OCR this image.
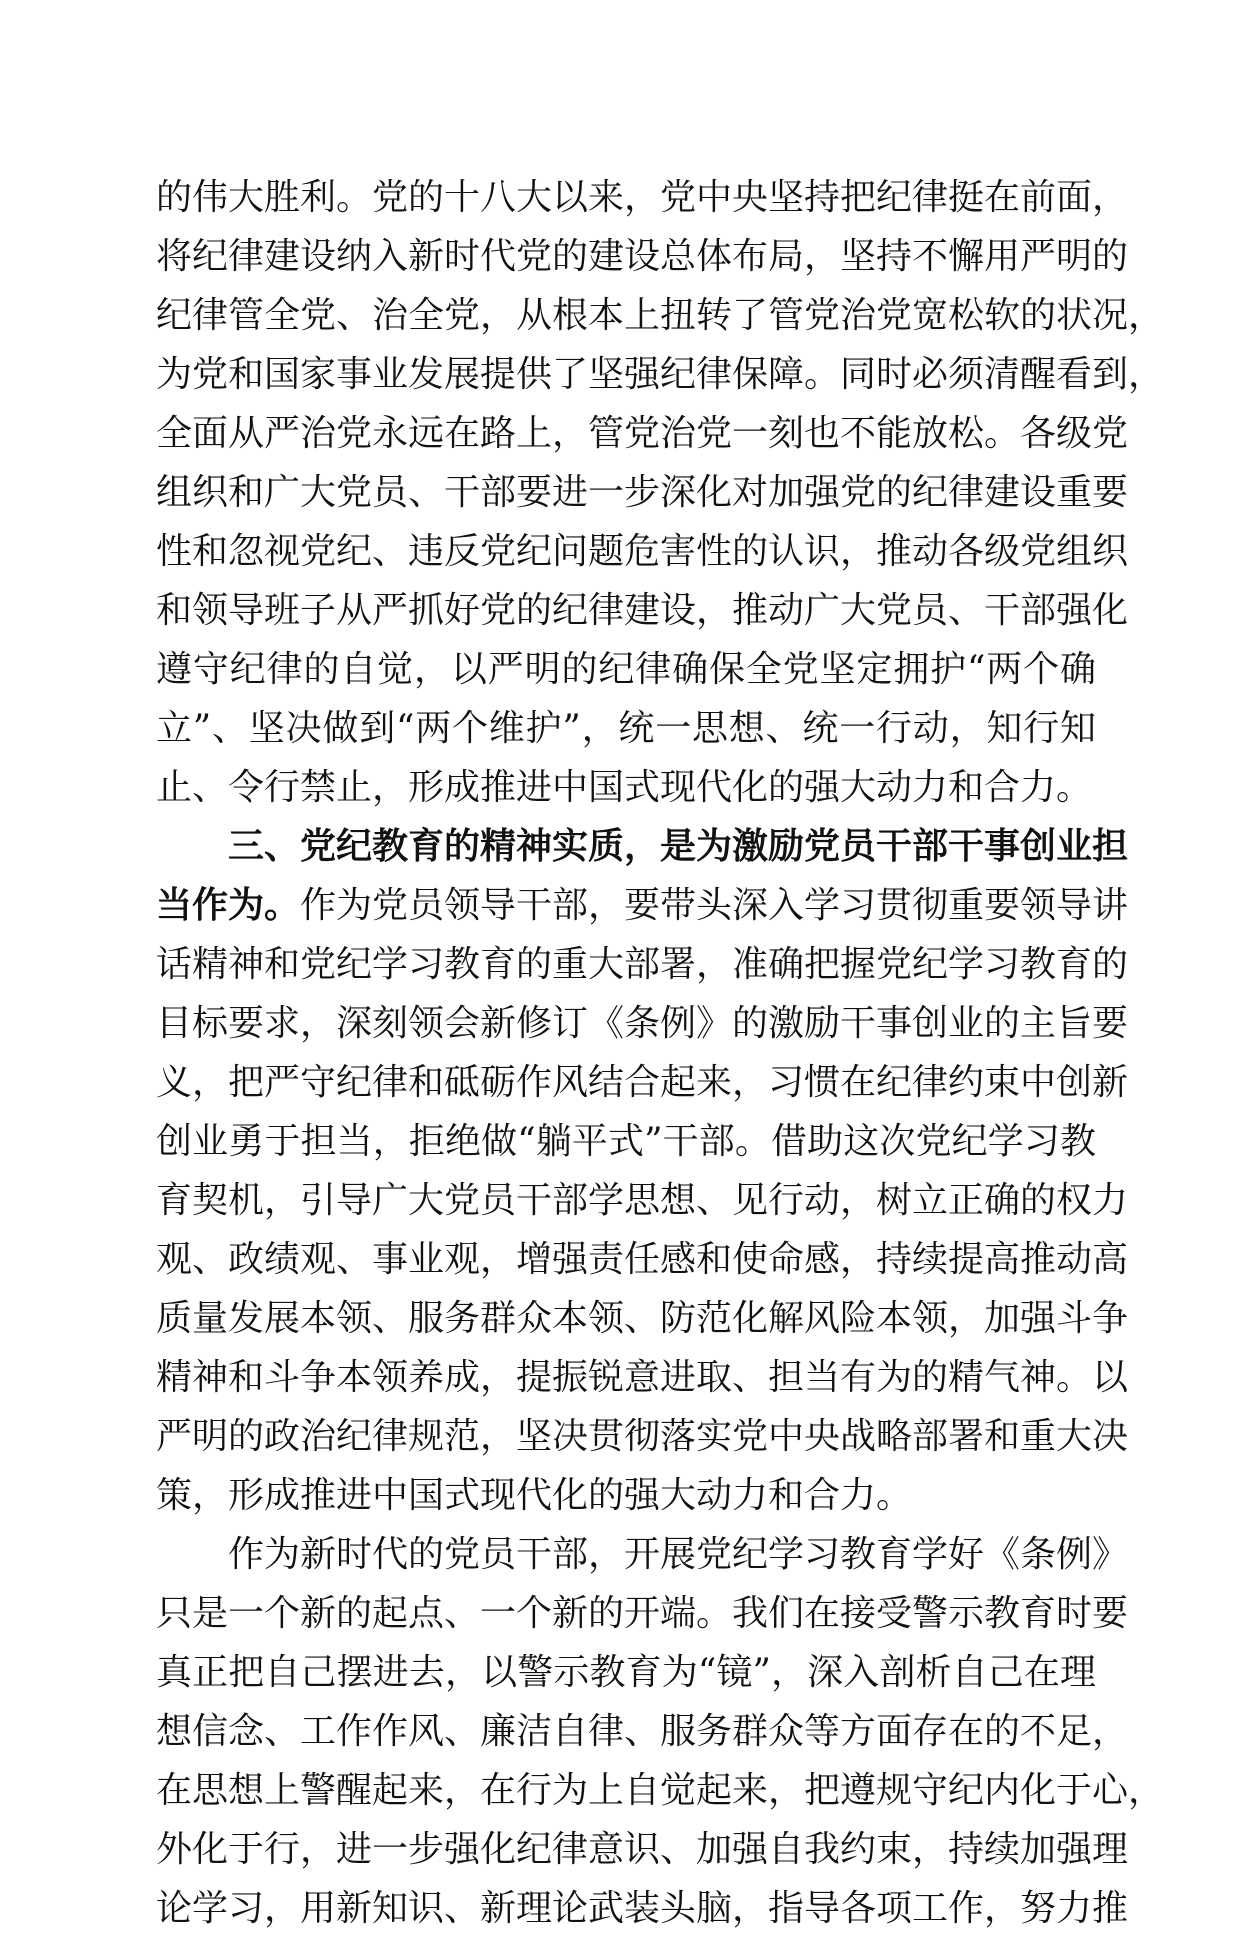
的伟大胜利。党的十八大以来，党中央坚持把纪律挺在前面，
将纪律建设纳入新时代党的建设总体布局，坚持不懈用严明的
纪律管全党、治全党，从根本上扭转了管党治党宽松软的状况，
为党和国家事业发展提供了坚强纪律保障。同时必须清醒看到，
全面从严治党永远在路上，管党治党一刻也不能放松。各级党
组织和广大党员、干部要进一步深化对加强党的纪律建设重要
性和忽视党纪、违反党纪问题危害性的认识，推动各级党组织
和领导班子从严抓好党的纪律建设，推动广大党员、干部强化
遵守纪律的自觉，以严明的纪律确保全党坚定拥护“两个确
立”、坚决做到“两个维护”，统一思想、统一行动，知行知
止、令行禁止，形成推进中国式现代化的强大动力和合力。
　　三、党纪教育的精神实质，是为激励党员干部干事创业担
当作为。作为党员领导干部，要带头深入学习贯彻重要领导讲
话精神和党纪学习教育的重大部署，准确把握党纪学习教育的
目标要求，深刻领会新修订《条例》的激励干事创业的主旨要
义，把严守纪律和砥砺作风结合起来，习惯在纪律约束中创新
创业勇于担当，拒绝做“躺平式”干部。借助这次党纪学习教
育契机，引导广大党员干部学思想、见行动，树立正确的权力
观、政绩观、事业观，增强责任感和使命感，持续提高推动高
质量发展本领、服务群众本领、防范化解风险本领，加强斗争
精神和斗争本领养成，提振锐意进取、担当有为的精气神。以
严明的政治纪律规范，坚决贯彻落实党中央战略部署和重大决
策，形成推进中国式现代化的强大动力和合力。
　　作为新时代的党员干部，开展党纪学习教育学好《条例》
只是一个新的起点、一个新的开端。我们在接受警示教育时要
真正把自己摆进去，以警示教育为“镜”，深入剖析自己在理
想信念、工作作风、廉洁自律、服务群众等方面存在的不足，
在思想上警醒起来，在行为上自觉起来，把遵规守纪内化于心，
外化于行，进一步强化纪律意识、加强自我约束，持续加强理
论学习，用新知识、新理论武装头脑，指导各项工作，努力推
